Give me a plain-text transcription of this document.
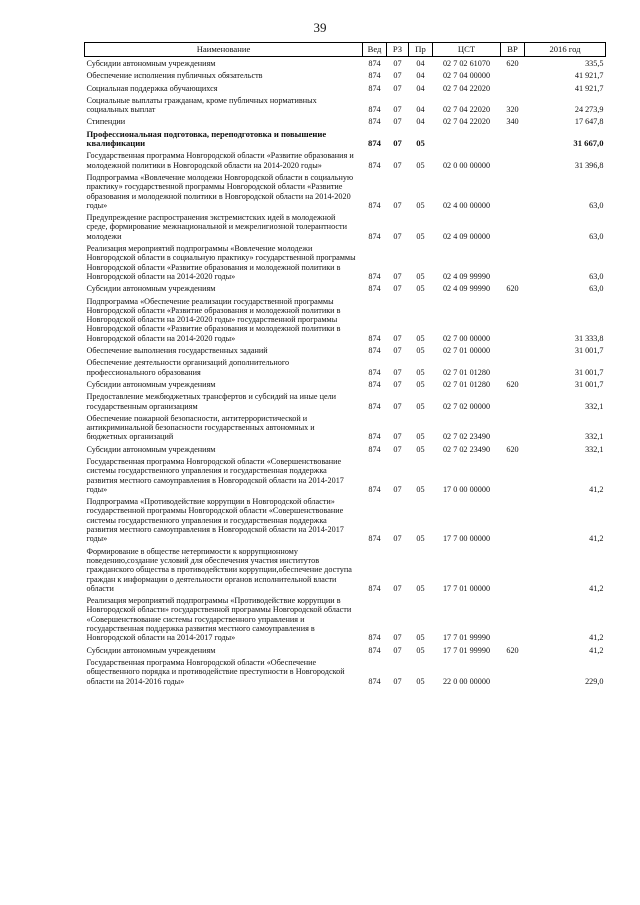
39
Наименование	Вед	РЗ	Пр	ЦСТ	ВР	2016 год
Субсидии автономным учреждениям	874	07	04	02 7 02 61070	620	335,5
Обеспечение исполнения публичных обязательств	874	07	04	02 7 04 00000		41 921,7
Социальная поддержка обучающихся	874	07	04	02 7 04 22020		41 921,7
Социальные выплаты гражданам, кроме публичных нормативных социальных выплат	874	07	04	02 7 04 22020	320	24 273,9
Стипендии	874	07	04	02 7 04 22020	340	17 647,8
Профессиональная подготовка, переподготовка и повышение квалификации	874	07	05			31 667,0
Государственная программа Новгородской области «Развитие образования и молодежной политики в Новгородской области на 2014-2020 годы»	874	07	05	02 0 00 00000		31 396,8
Подпрограмма «Вовлечение молодежи Новгородской области в социальную практику» государственной программы Новгородской области «Развитие образования и молодежной политики в Новгородской области на 2014-2020 годы»	874	07	05	02 4 00 00000		63,0
Предупреждение распространения экстремистских идей в молодежной среде, формирование межнациональной и межрелигиозной толерантности молодежи	874	07	05	02 4 09 00000		63,0
Реализация мероприятий подпрограммы «Вовлечение молодежи Новгородской области в социальную практику» государственной программы Новгородской области «Развитие образования и молодежной политики в Новгородской области на 2014-2020 годы»	874	07	05	02 4 09 99990		63,0
Субсидии автономным учреждениям	874	07	05	02 4 09 99990	620	63,0
Подпрограмма «Обеспечение реализации государственной программы Новгородской области «Развитие образования и молодежной политики в Новгородской области на 2014-2020 годы» государственной программы Новгородской области «Развитие образования и молодежной политики в Новгородской области на 2014-2020 годы»	874	07	05	02 7 00 00000		31 333,8
Обеспечение выполнения государственных заданий	874	07	05	02 7 01 00000		31 001,7
Обеспечение деятельности организаций дополнительного профессионального образования	874	07	05	02 7 01 01280		31 001,7
Субсидии автономным учреждениям	874	07	05	02 7 01 01280	620	31 001,7
Предоставление межбюджетных трансфертов и субсидий на иные цели государственным организациям	874	07	05	02 7 02 00000		332,1
Обеспечение пожарной безопасности, антитеррористической и антикриминальной безопасности государственных автономных и бюджетных организаций	874	07	05	02 7 02 23490		332,1
Субсидии автономным учреждениям	874	07	05	02 7 02 23490	620	332,1
Государственная программа Новгородской области «Совершенствование системы государственного управления и государственная поддержка развития местного самоуправления в Новгородской области на 2014-2017 годы»	874	07	05	17 0 00 00000		41,2
Подпрограмма «Противодействие коррупции в Новгородской области» государственной программы Новгородской области «Совершенствование системы государственного управления и государственная поддержка развития местного самоуправления в Новгородской области на 2014-2017 годы»	874	07	05	17 7 00 00000		41,2
Формирование в обществе нетерпимости к коррупционному поведению,создание условий для обеспечения участия институтов гражданского общества в противодействии коррупции,обеспечение доступа граждан к информации о деятельности органов исполнительной власти области	874	07	05	17 7 01 00000		41,2
Реализация мероприятий подпрограммы «Противодействие коррупции в Новгородской области» государственной программы Новгородской области «Совершенствование системы государственного управления и государственная поддержка развития местного самоуправления в Новгородской области на 2014-2017 годы»	874	07	05	17 7 01 99990		41,2
Субсидии автономным учреждениям	874	07	05	17 7 01 99990	620	41,2
Государственная программа Новгородской области «Обеспечение общественного порядка и противодействие преступности в Новгородской области на 2014-2016 годы»	874	07	05	22 0 00 00000		229,0
